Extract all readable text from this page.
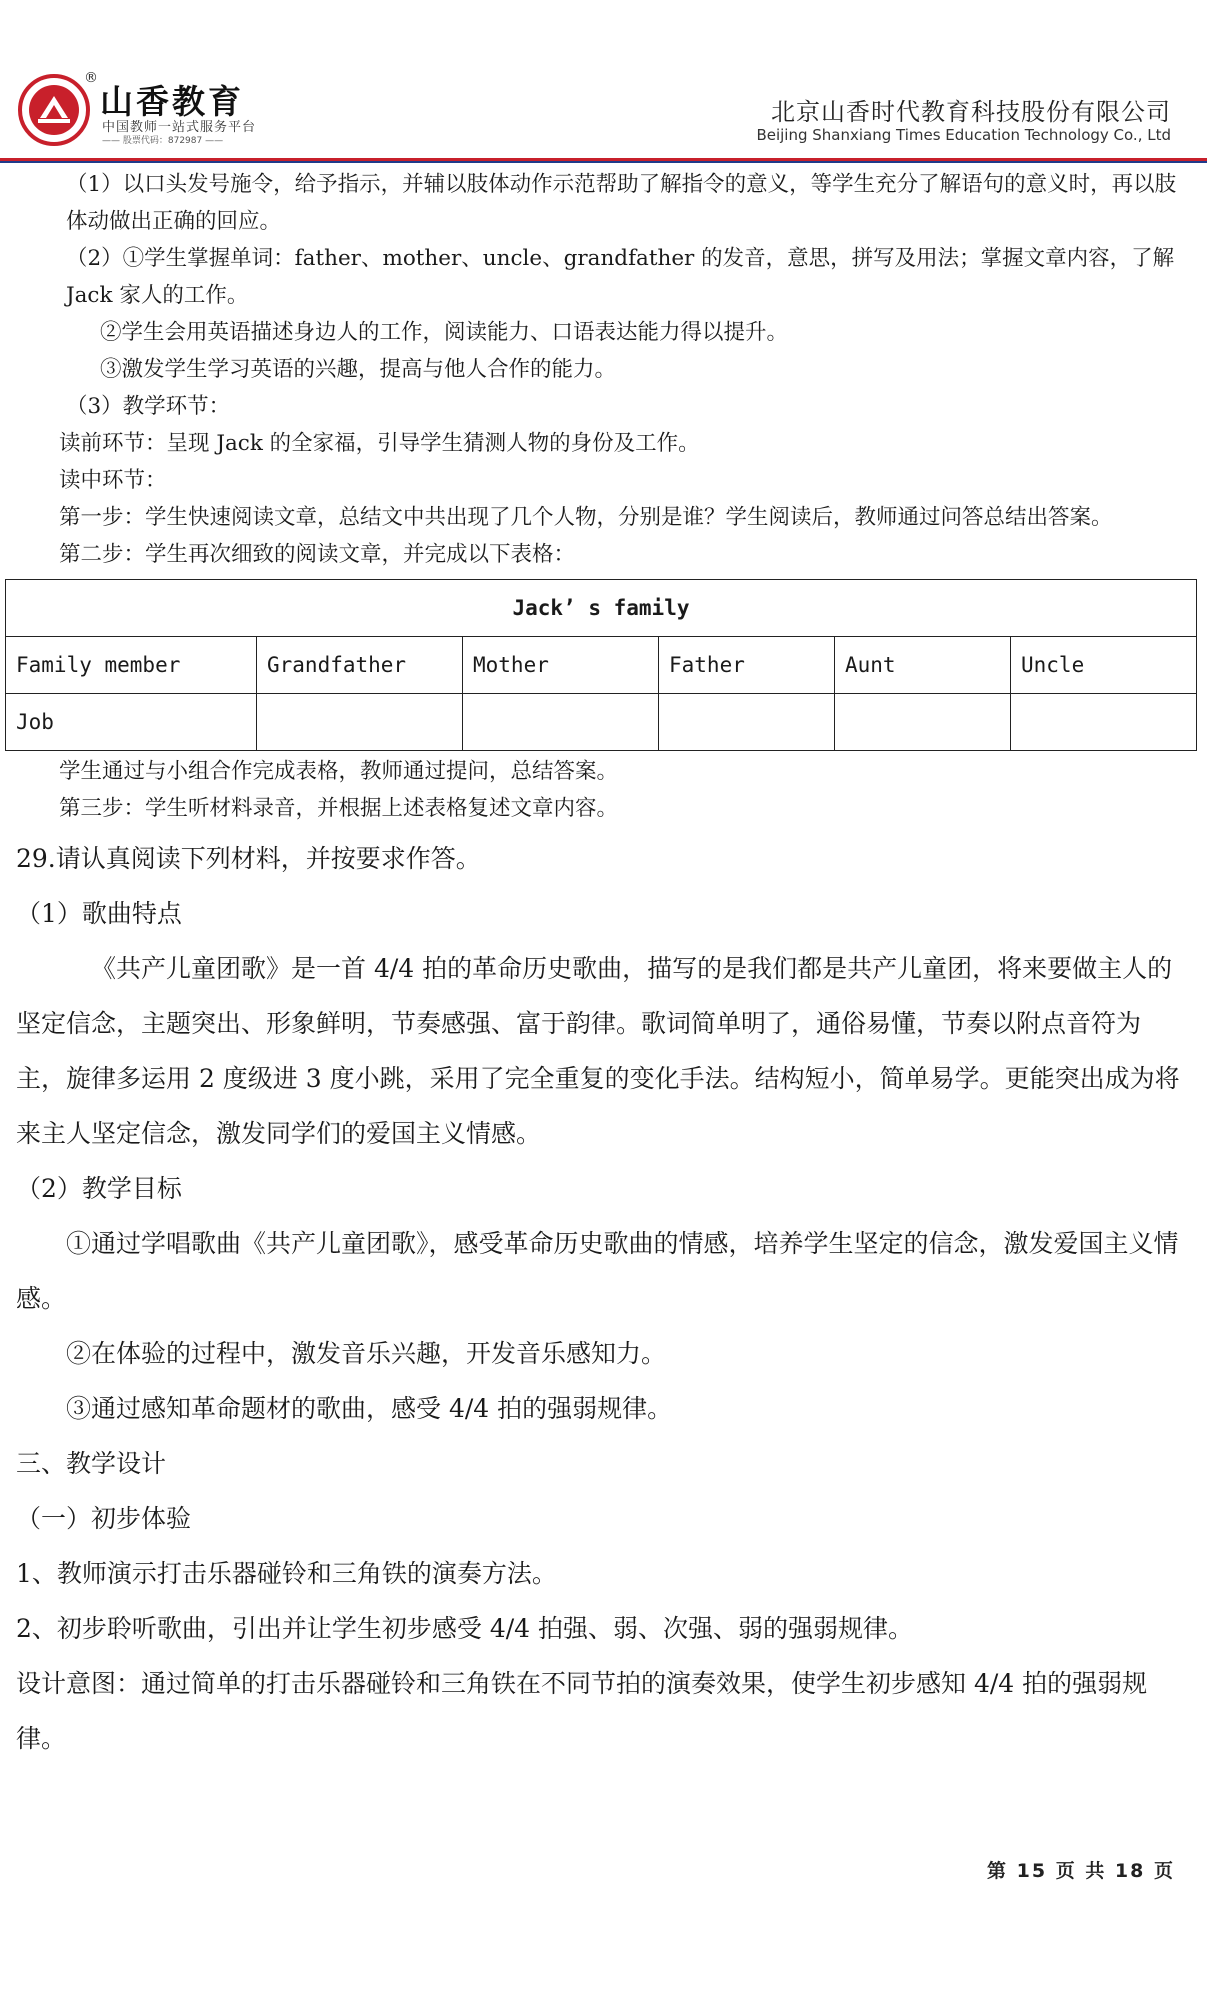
®
山香教育
中国教师一站式服务平台
—— 股票代码：872987 ——
北京山香时代教育科技股份有限公司
Beijing Shanxiang Times Education Technology Co., Ltd

（1）以口头发号施令，给予指示，并辅以肢体动作示范帮助了解指令的意义，等学生充分了解语句的意义时，再以肢体动做出正确的回应。

（2）①学生掌握单词：father、mother、uncle、grandfather 的发音，意思，拼写及用法；掌握文章内容，了解 Jack 家人的工作。

②学生会用英语描述身边人的工作，阅读能力、口语表达能力得以提升。

③激发学生学习英语的兴趣，提高与他人合作的能力。

（3）教学环节：

读前环节：呈现 Jack 的全家福，引导学生猜测人物的身份及工作。

读中环节：

第一步：学生快速阅读文章，总结文中共出现了几个人物，分别是谁？学生阅读后，教师通过问答总结出答案。

第二步：学生再次细致的阅读文章，并完成以下表格：

Jack’ s family					
Family member	Grandfather	Mother	Father	Aunt	Uncle
Job					

学生通过与小组合作完成表格，教师通过提问，总结答案。

第三步：学生听材料录音，并根据上述表格复述文章内容。

29.请认真阅读下列材料，并按要求作答。

（1）歌曲特点

《共产儿童团歌》是一首 4/4 拍的革命历史歌曲，描写的是我们都是共产儿童团，将来要做主人的坚定信念，主题突出、形象鲜明，节奏感强、富于韵律。歌词简单明了，通俗易懂，节奏以附点音符为主，旋律多运用 2 度级进 3 度小跳，采用了完全重复的变化手法。结构短小，简单易学。更能突出成为将来主人坚定信念，激发同学们的爱国主义情感。

（2）教学目标

①通过学唱歌曲《共产儿童团歌》，感受革命历史歌曲的情感，培养学生坚定的信念，激发爱国主义情感。

②在体验的过程中，激发音乐兴趣，开发音乐感知力。

③通过感知革命题材的歌曲，感受 4/4 拍的强弱规律。

三、教学设计

（一）初步体验

1、教师演示打击乐器碰铃和三角铁的演奏方法。

2、初步聆听歌曲，引出并让学生初步感受 4/4 拍强、弱、次强、弱的强弱规律。

设计意图：通过简单的打击乐器碰铃和三角铁在不同节拍的演奏效果，使学生初步感知 4/4 拍的强弱规律。

第 15 页 共 18 页
